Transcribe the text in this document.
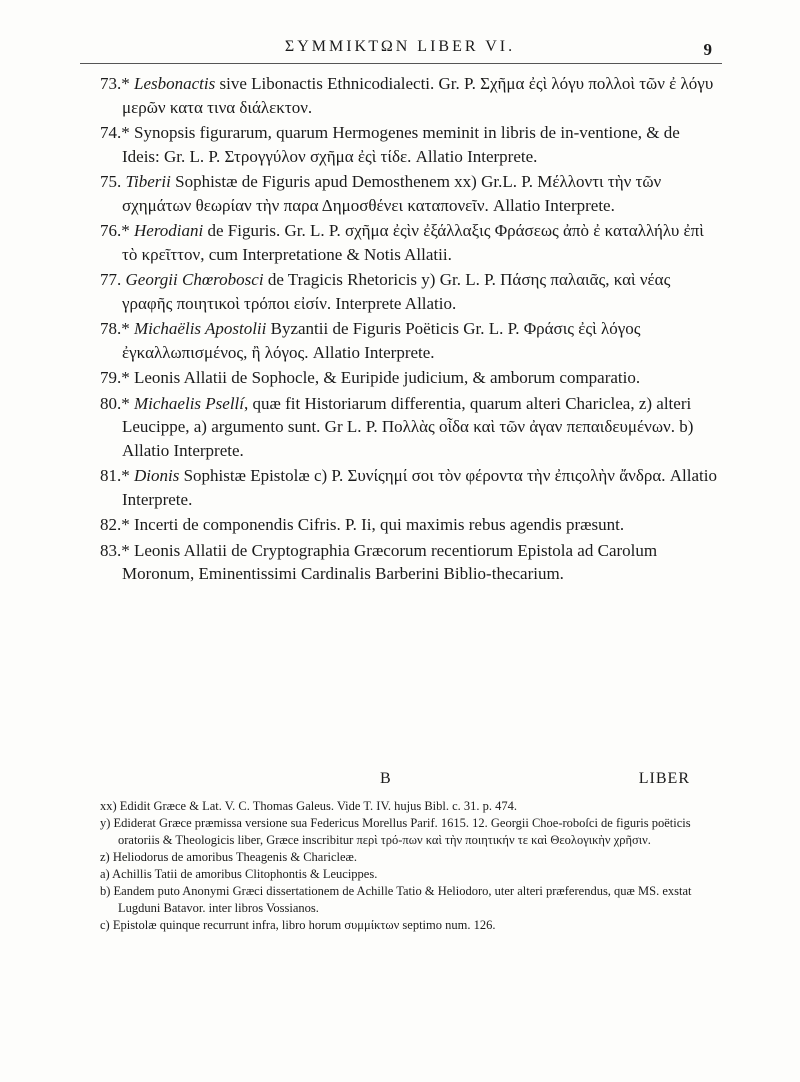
ΣΥΜΜΙΚΤΩΝ LIBER VI.	9

73.* Lesbonactis sive Libonactis Ethnicodialecti. Gr. P. Σχῆμα ἐςὶ λόγυ πολλοὶ τῶν ἐ λόγυ μερῶν κατα τινα διάλεκτον.

74.* Synopsis figurarum, quarum Hermogenes meminit in libris de in-ventione, & de Ideis: Gr. L. P. Στρογγύλον σχῆμα ἐςὶ τίδε. Allatio Interprete.

75. Tiberii Sophistæ de Figuris apud Demosthenem xx) Gr.L. P. Μέλλοντι τὴν τῶν σχημάτων θεωρίαν τὴν παρα Δημοσθένει καταπονεῖν. Allatio Interprete.

76.* Herodiani de Figuris. Gr. L. P. σχῆμα ἐςὶν ἐξάλλαξις Φράσεως ἀπὸ ἐ καταλλήλυ ἐπὶ τὸ κρεῖττον, cum Interpretatione & Notis Allatii.

77. Georgii Chœrobosci de Tragicis Rhetoricis y) Gr. L. P. Πάσης παλαιᾶς, καὶ νέας γραφῆς ποιητικοὶ τρόποι εἰσίν. Interprete Allatio.

78.* Michaëlis Apostolii Byzantii de Figuris Poëticis Gr. L. P. Φράσις ἐςὶ λόγος ἐγκαλλωπισμένος, ἢ λόγος. Allatio Interprete.

79.* Leonis Allatii de Sophocle, & Euripide judicium, & amborum comparatio.

80.* Michaelis Psellí, quæ fit Historiarum differentia, quarum alteri Chariclea, z) alteri Leucippe, a) argumento sunt. Gr L. P. Πολλὰς οἶδα καὶ τῶν ἀγαν πεπαιδευμένων. b) Allatio Interprete.

81.* Dionis Sophistæ Epistolæ c) P. Συνίςημί σοι τὸν φέροντα τὴν ἐπιςολὴν ἄνδρα. Allatio Interprete.

82.* Incerti de componendis Cifris. P. Ii, qui maximis rebus agendis præsunt.

83.* Leonis Allatii de Cryptographia Græcorum recentiorum Epistola ad Carolum Moronum, Eminentissimi Cardinalis Barberini Biblio-thecarium.

B	LIBER
xx) Edidit Græce & Lat. V. C. Thomas Galeus. Vide T. IV. hujus Bibl. c. 31. p. 474.
y) Ediderat Græce præmissa versione sua Federicus Morellus Parif. 1615. 12. Georgii Choe-roboſci de figuris poëticis oratoriis & Theologicis liber, Græce inscribitur περὶ τρό-πων καὶ τὴν ποιητικήν τε καὶ Θεολογικὴν χρῆσιν.
z) Heliodorus de amoribus Theagenis & Charicleæ.
a) Achillis Tatii de amoribus Clitophontis & Leucippes.
b) Eandem puto Anonymi Græci dissertationem de Achille Tatio & Heliodoro, uter alteri præferendus, quæ MS. exstat Lugduni Batavor. inter libros Vossianos.
c) Epistolæ quinque recurrunt infra, libro horum συμμίκτων septimo num. 126.
